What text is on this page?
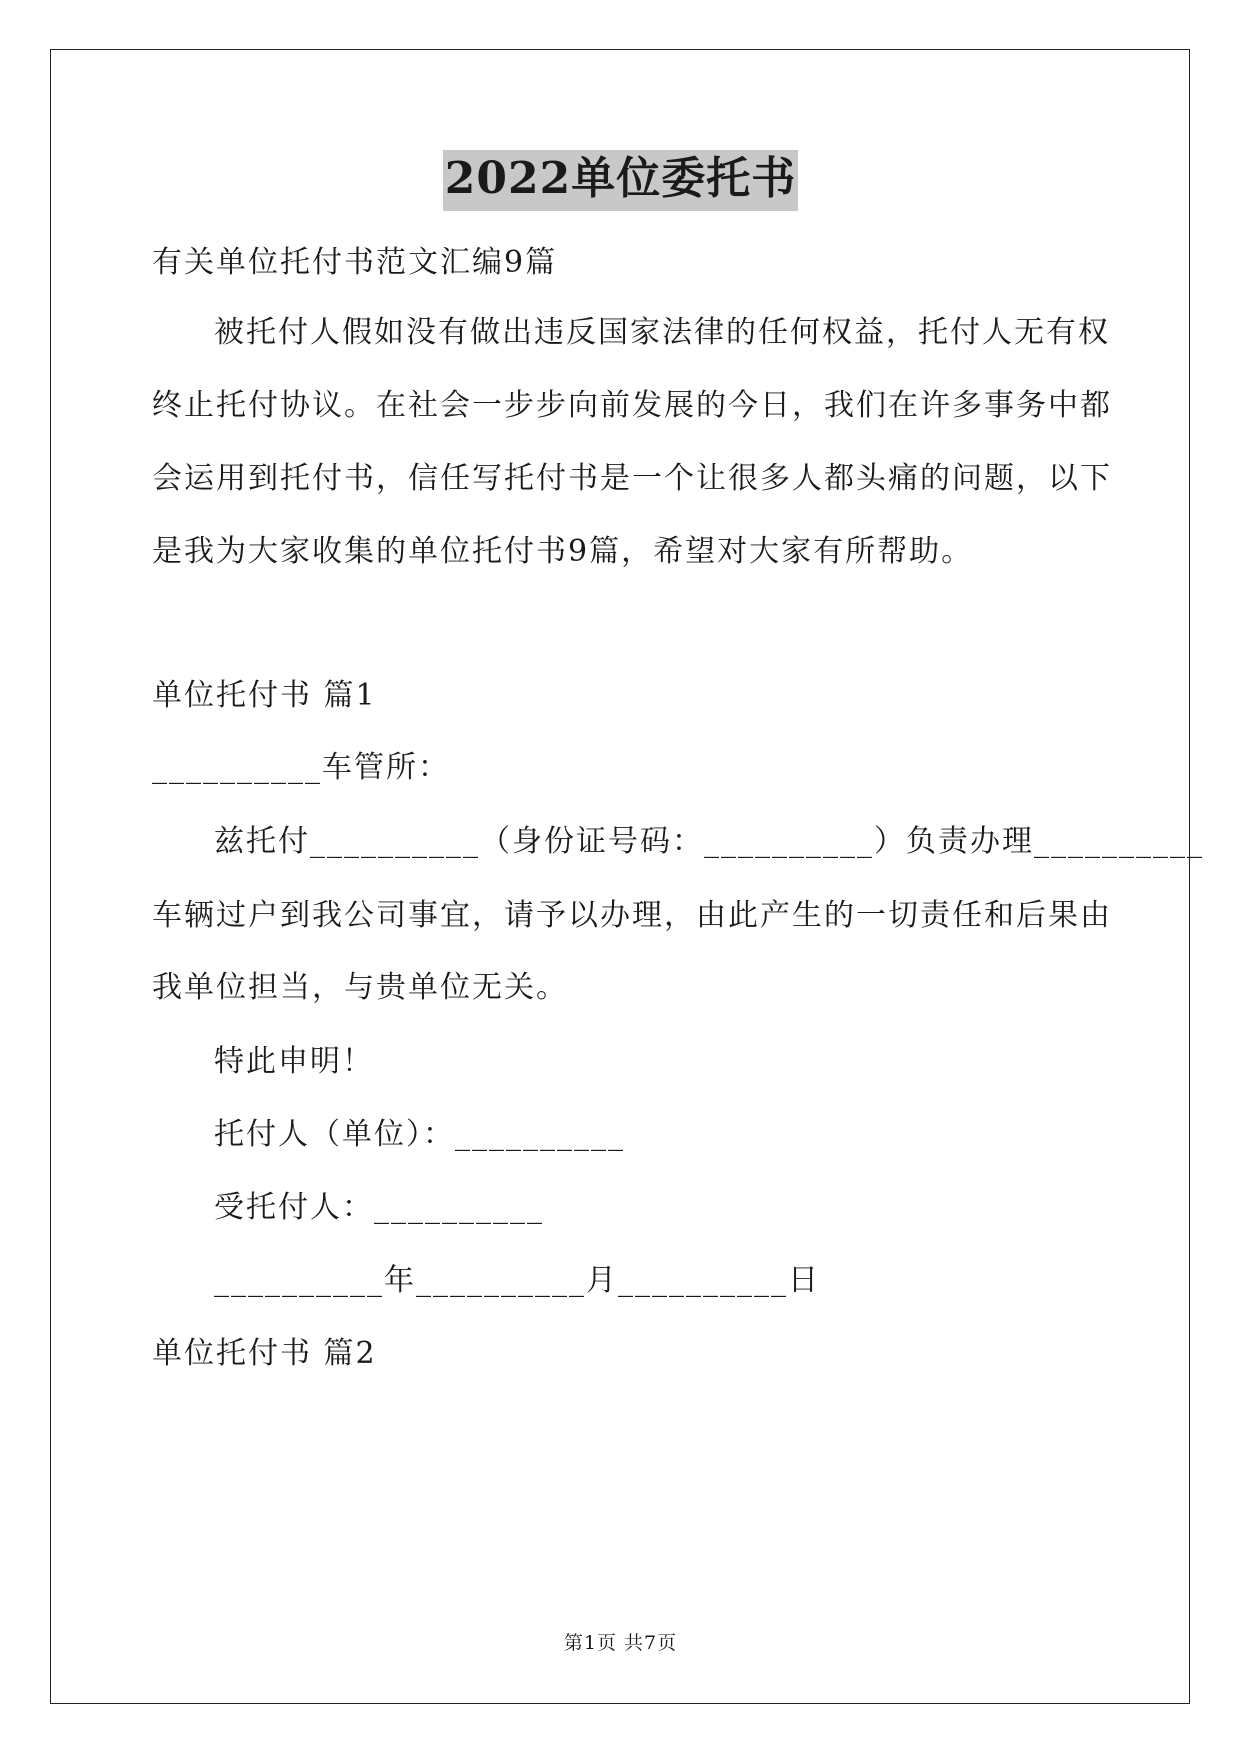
2022单位委托书
有关单位托付书范文汇编9篇
被托付人假如没有做出违反国家法律的任何权益，托付人无有权
终止托付协议。在社会一步步向前发展的今日，我们在许多事务中都
会运用到托付书，信任写托付书是一个让很多人都头痛的问题，以下
是我为大家收集的单位托付书9篇，希望对大家有所帮助。
单位托付书 篇1
__________车管所：
兹托付__________（身份证号码：__________）负责办理__________
车辆过户到我公司事宜，请予以办理，由此产生的一切责任和后果由
我单位担当，与贵单位无关。
特此申明！
托付人（单位）：__________
受托付人：__________
__________年__________月__________日
单位托付书 篇2
第1页 共7页
